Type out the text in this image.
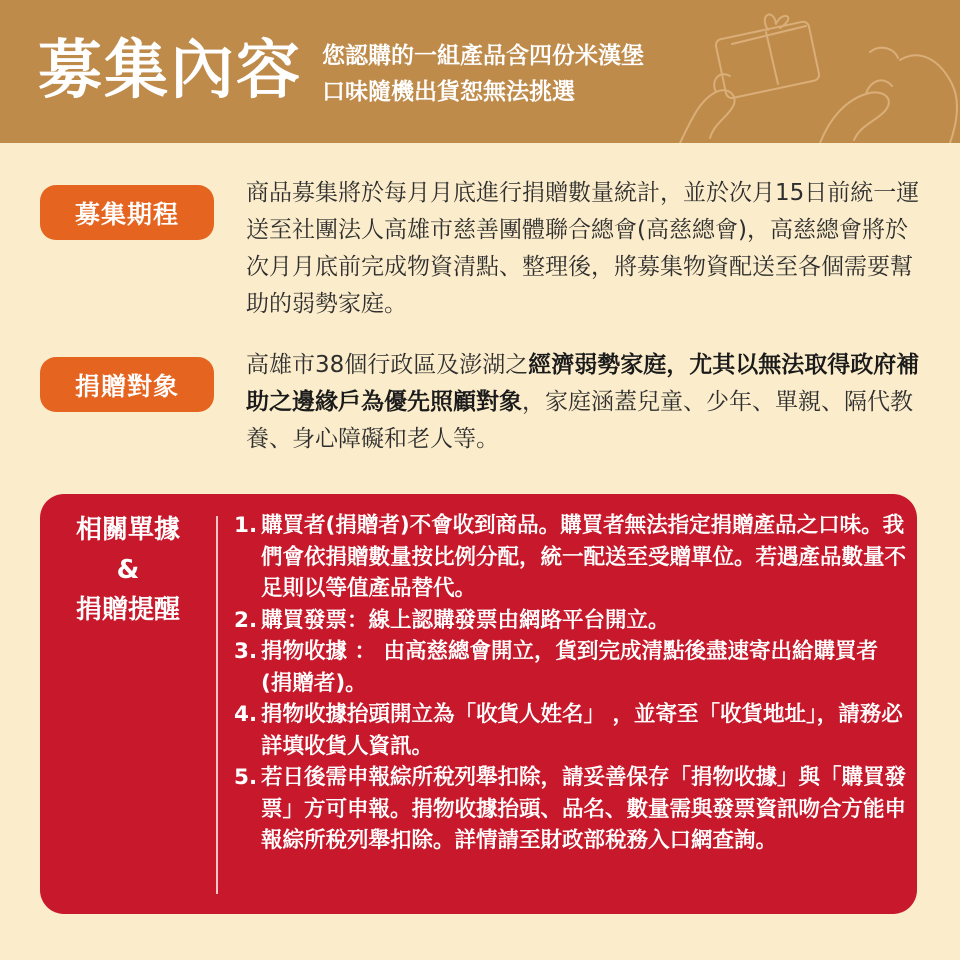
募集內容 您認購的一組產品含四份米漢堡
口味隨機出貨恕無法挑選
募集期程
商品募集將於每月月底進行捐贈數量統計，並於次月15日前統一運送至社團法人高雄市慈善團體聯合總會(高慈總會)，高慈總會將於次月月底前完成物資清點、整理後，將募集物資配送至各個需要幫助的弱勢家庭。
捐贈對象
高雄市38個行政區及澎湖之經濟弱勢家庭，尤其以無法取得政府補助之邊緣戶為優先照顧對象，家庭涵蓋兒童、少年、單親、隔代教養、身心障礙和老人等。
相關單據
&
捐贈提醒
1. 購買者(捐贈者)不會收到商品。購買者無法指定捐贈產品之口味。我們會依捐贈數量按比例分配，統一配送至受贈單位。若遇產品數量不足則以等值產品替代。
2. 購買發票：線上認購發票由網路平台開立。
3. 捐物收據 ： 由高慈總會開立，貨到完成清點後盡速寄出給購買者(捐贈者)。
4. 捐物收據抬頭開立為「收貨人姓名」 ，並寄至「收貨地址」，請務必詳填收貨人資訊。
5. 若日後需申報綜所稅列舉扣除，請妥善保存「捐物收據」與「購買發票」方可申報。捐物收據抬頭、品名、數量需與發票資訊吻合方能申報綜所稅列舉扣除。詳情請至財政部稅務入口網查詢。
